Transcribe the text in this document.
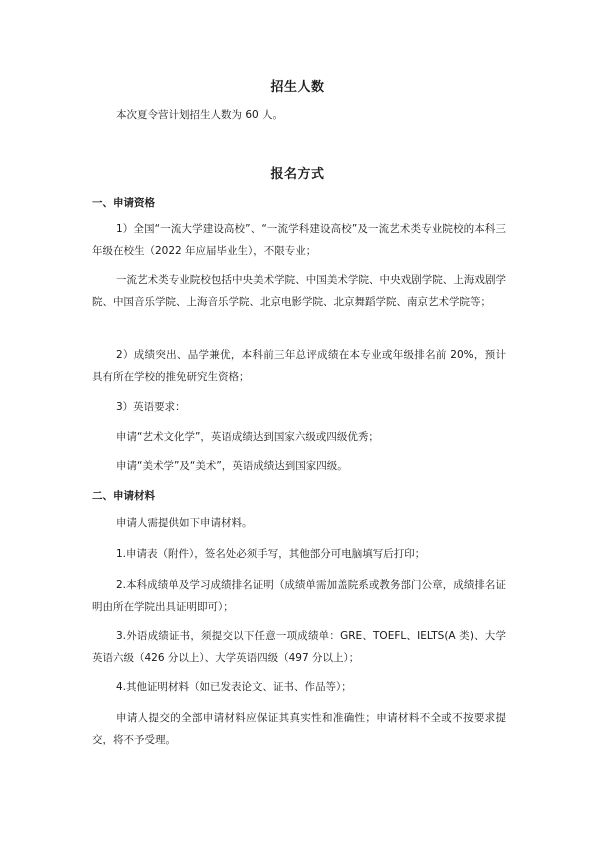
招生人数

本次夏令营计划招生人数为 60 人。

报名方式
一、申请资格

1）全国“一流大学建设高校”、“一流学科建设高校”及一流艺术类专业院校的本科三年级在校生（2022 年应届毕业生），不限专业；

一流艺术类专业院校包括中央美术学院、中国美术学院、中央戏剧学院、上海戏剧学院、中国音乐学院、上海音乐学院、北京电影学院、北京舞蹈学院、南京艺术学院等；

2）成绩突出、品学兼优，本科前三年总评成绩在本专业或年级排名前 20%，预计具有所在学校的推免研究生资格；

3）英语要求：

申请“艺术文化学”，英语成绩达到国家六级或四级优秀；

申请“美术学”及“美术”，英语成绩达到国家四级。

二、申请材料

申请人需提供如下申请材料。

1.申请表（附件），签名处必须手写，其他部分可电脑填写后打印；

2.本科成绩单及学习成绩排名证明（成绩单需加盖院系或教务部门公章，成绩排名证明由所在学院出具证明即可）；

3.外语成绩证书，须提交以下任意一项成绩单：GRE、TOEFL、IELTS(A 类)、大学英语六级（426 分以上）、大学英语四级（497 分以上）；

4.其他证明材料（如已发表论文、证书、作品等）；

申请人提交的全部申请材料应保证其真实性和准确性；申请材料不全或不按要求提交，将不予受理。
